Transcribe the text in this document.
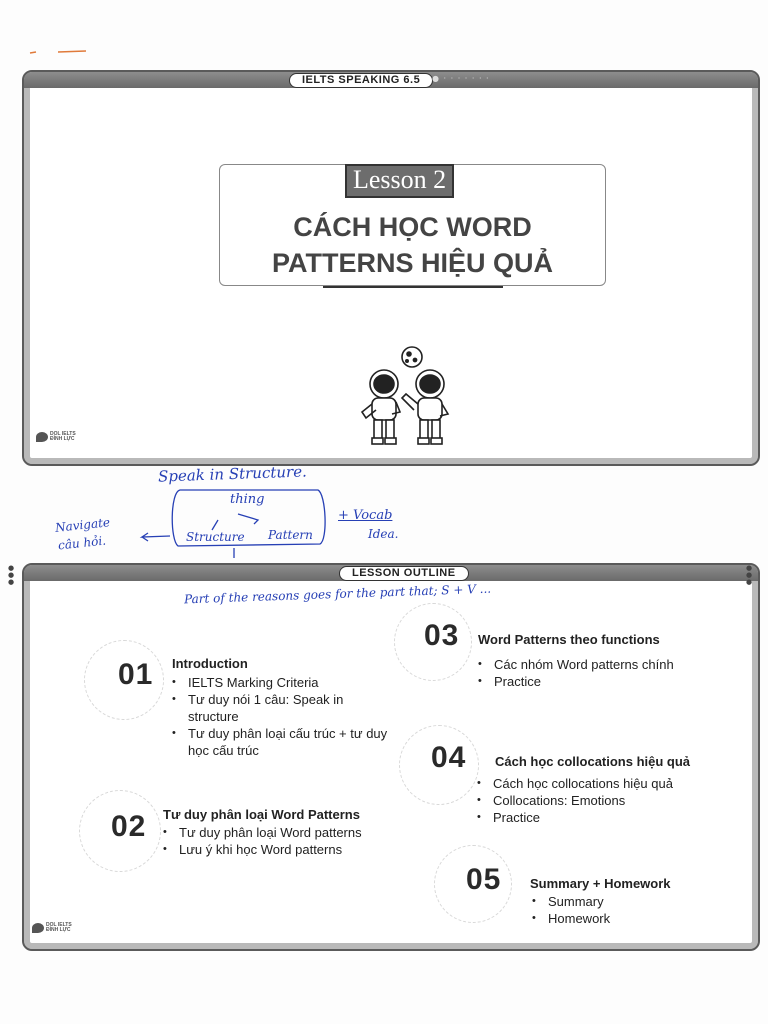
IELTS SPEAKING 6.5	● · · · · · · ·
Lesson 2
CÁCH HỌC WORD
PATTERNS HIỆU QUẢ
DOL IELTS
ĐÌNH LỰC
Speak in Structure.
thing
Structure Pattern
+ Vocab
Idea.
Navigate
câu hỏi.
LESSON OUTLINE
●
●
●
●
●
●
Part of the reasons goes for the part that; S + V ...
01 Introduction
• IELTS Marking Criteria
• Tư duy nói 1 câu: Speak in structure
• Tư duy phân loại cấu trúc + tư duy học cấu trúc
02 Tư duy phân loại Word Patterns
• Tư duy phân loại Word patterns
• Lưu ý khi học Word patterns
03 Word Patterns theo functions
• Các nhóm Word patterns chính
• Practice
04 Cách học collocations hiệu quả
• Cách học collocations hiệu quả
• Collocations: Emotions
• Practice
05 Summary + Homework
• Summary
• Homework
DOL IELTS
ĐÌNH LỰC
